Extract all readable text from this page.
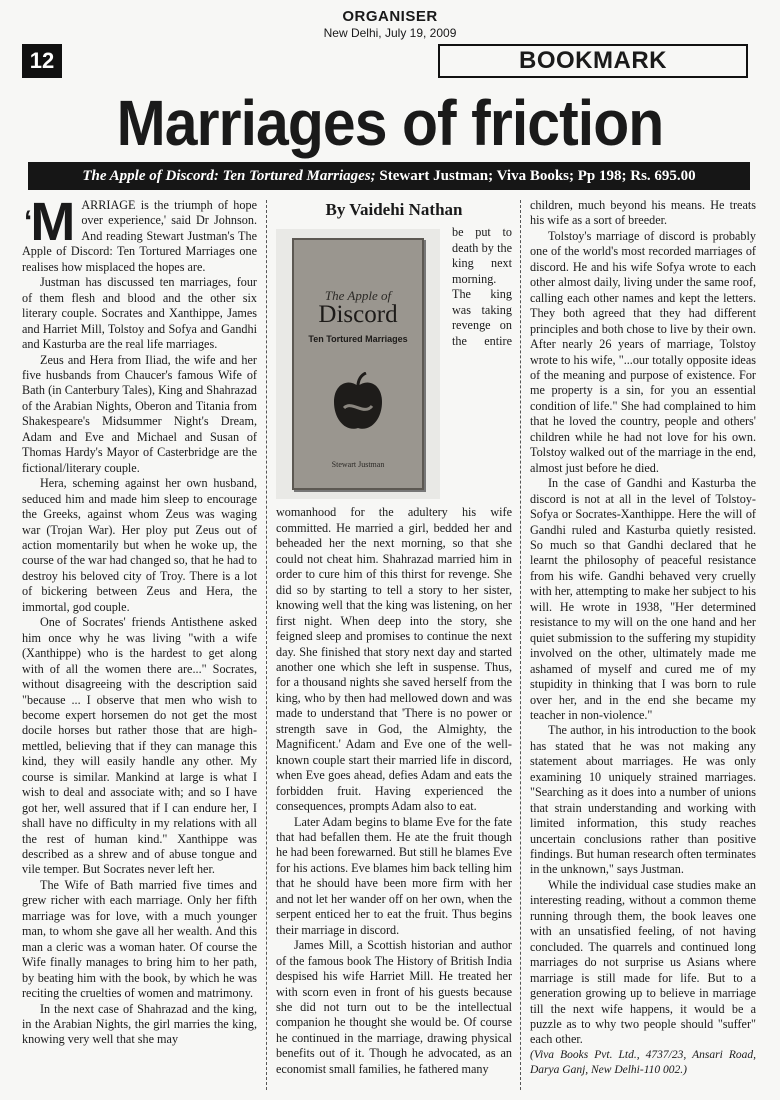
ORGANISER
New Delhi, July 19, 2009
12	BOOKMARK
Marriages of friction
The Apple of Discord: Ten Tortured Marriages;
Stewart Justman; Viva Books; Pp 198; Rs. 695.00
‘M ARRIAGE is the triumph of hope over experience,' said Dr Johnson. And reading Stewart Justman's The Apple of Discord: Ten Tortured Marriages one realises how misplaced the hopes are.

Justman has discussed ten marriages, four of them flesh and blood and the other six literary couple. Socrates and Xanthippe, James and Harriet Mill, Tolstoy and Sofya and Gandhi and Kasturba are the real life marriages.

Zeus and Hera from Iliad, the wife and her five husbands from Chaucer's famous Wife of Bath (in Canterbury Tales), King and Shahrazad of the Arabian Nights, Oberon and Titania from Shakespeare's Midsummer Night's Dream, Adam and Eve and Michael and Susan of Thomas Hardy's Mayor of Casterbridge are the fictional/literary couple.

Hera, scheming against her own husband, seduced him and made him sleep to encourage the Greeks, against whom Zeus was waging war (Trojan War). Her ploy put Zeus out of action momentarily but when he woke up, the course of the war had changed so, that he had to destroy his beloved city of Troy. There is a lot of bickering between Zeus and Hera, the immortal, god couple.

One of Socrates' friends Antisthene asked him once why he was living "with a wife (Xanthippe) who is the hardest to get along with of all the women there are..." Socrates, without disagreeing with the description said "because ... I observe that men who wish to become expert horsemen do not get the most docile horses but rather those that are high-mettled, believing that if they can manage this kind, they will easily handle any other. My course is similar. Mankind at large is what I wish to deal and associate with; and so I have got her, well assured that if I can endure her, I shall have no difficulty in my relations with all the rest of human kind." Xanthippe was described as a shrew and of abuse tongue and vile temper. But Socrates never left her.

The Wife of Bath married five times and grew richer with each marriage. Only her fifth marriage was for love, with a much younger man, to whom she gave all her wealth. And this man a cleric was a woman hater. Of course the Wife finally manages to bring him to her path, by beating him with the book, by which he was reciting the cruelties of women and matrimony.

In the next case of Shahrazad and the king, in the Arabian Nights, the girl marries the king, knowing very well that she may

By Vaidehi Nathan

The Apple of
Discord
Ten Tortured Marriages
Stewart Justman
be put to death by the king next morning. The king was taking revenge on the entire womanhood for the adultery his wife committed. He married a girl, bedded her and beheaded her the next morning, so that she could not cheat him. Shahrazad married him in order to cure him of this thirst for revenge. She did so by starting to tell a story to her sister, knowing well that the king was listening, on her first night. When deep into the story, she feigned sleep and promises to continue the next day. She finished that story next day and started another one which she left in suspense. Thus, for a thousand nights she saved herself from the king, who by then had mellowed down and was made to understand that 'There is no power or strength save in God, the Almighty, the Magnificent.' Adam and Eve one of the well-known couple start their married life in discord, when Eve goes ahead, defies Adam and eats the forbidden fruit. Having experienced the consequences, prompts Adam also to eat.

Later Adam begins to blame Eve for the fate that had befallen them. He ate the fruit though he had been forewarned. But still he blames Eve for his actions. Eve blames him back telling him that he should have been more firm with her and not let her wander off on her own, when the serpent enticed her to eat the fruit. Thus begins their marriage in discord.

James Mill, a Scottish historian and author of the famous book The History of British India despised his wife Harriet Mill. He treated her with scorn even in front of his guests because she did not turn out to be the intellectual companion he thought she would be. Of course he continued in the marriage, drawing physical benefits out of it. Though he advocated, as an economist small families, he fathered many

children, much beyond his means. He treats his wife as a sort of breeder.

Tolstoy's marriage of discord is probably one of the world's most recorded marriages of discord. He and his wife Sofya wrote to each other almost daily, living under the same roof, calling each other names and kept the letters. They both agreed that they had different principles and both chose to live by their own. After nearly 26 years of marriage, Tolstoy wrote to his wife, "...our totally opposite ideas of the meaning and purpose of existence. For me property is a sin, for you an essential condition of life." She had complained to him that he loved the country, people and others' children while he had not love for his own. Tolstoy walked out of the marriage in the end, almost just before he died.

In the case of Gandhi and Kasturba the discord is not at all in the level of Tolstoy-Sofya or Socrates-Xanthippe. Here the will of Gandhi ruled and Kasturba quietly resisted. So much so that Gandhi declared that he learnt the philosophy of peaceful resistance from his wife. Gandhi behaved very cruelly with her, attempting to make her subject to his will. He wrote in 1938, "Her determined resistance to my will on the one hand and her quiet submission to the suffering my stupidity involved on the other, ultimately made me ashamed of myself and cured me of my stupidity in thinking that I was born to rule over her, and in the end she became my teacher in non-violence."

The author, in his introduction to the book has stated that he was not making any statement about marriages. He was only examining 10 uniquely strained marriages. "Searching as it does into a number of unions that strain understanding and working with limited information, this study reaches uncertain conclusions rather than positive findings. But human research often terminates in the unknown," says Justman.

While the individual case studies make an interesting reading, without a common theme running through them, the book leaves one with an unsatisfied feeling, of not having concluded. The quarrels and continued long marriages do not surprise us Asians where marriage is still made for life. But to a generation growing up to believe in marriage till the next wife happens, it would be a puzzle as to why two people should "suffer" each other.

(Viva Books Pvt. Ltd., 4737/23, Ansari Road, Darya Ganj, New Delhi-110 002.)
